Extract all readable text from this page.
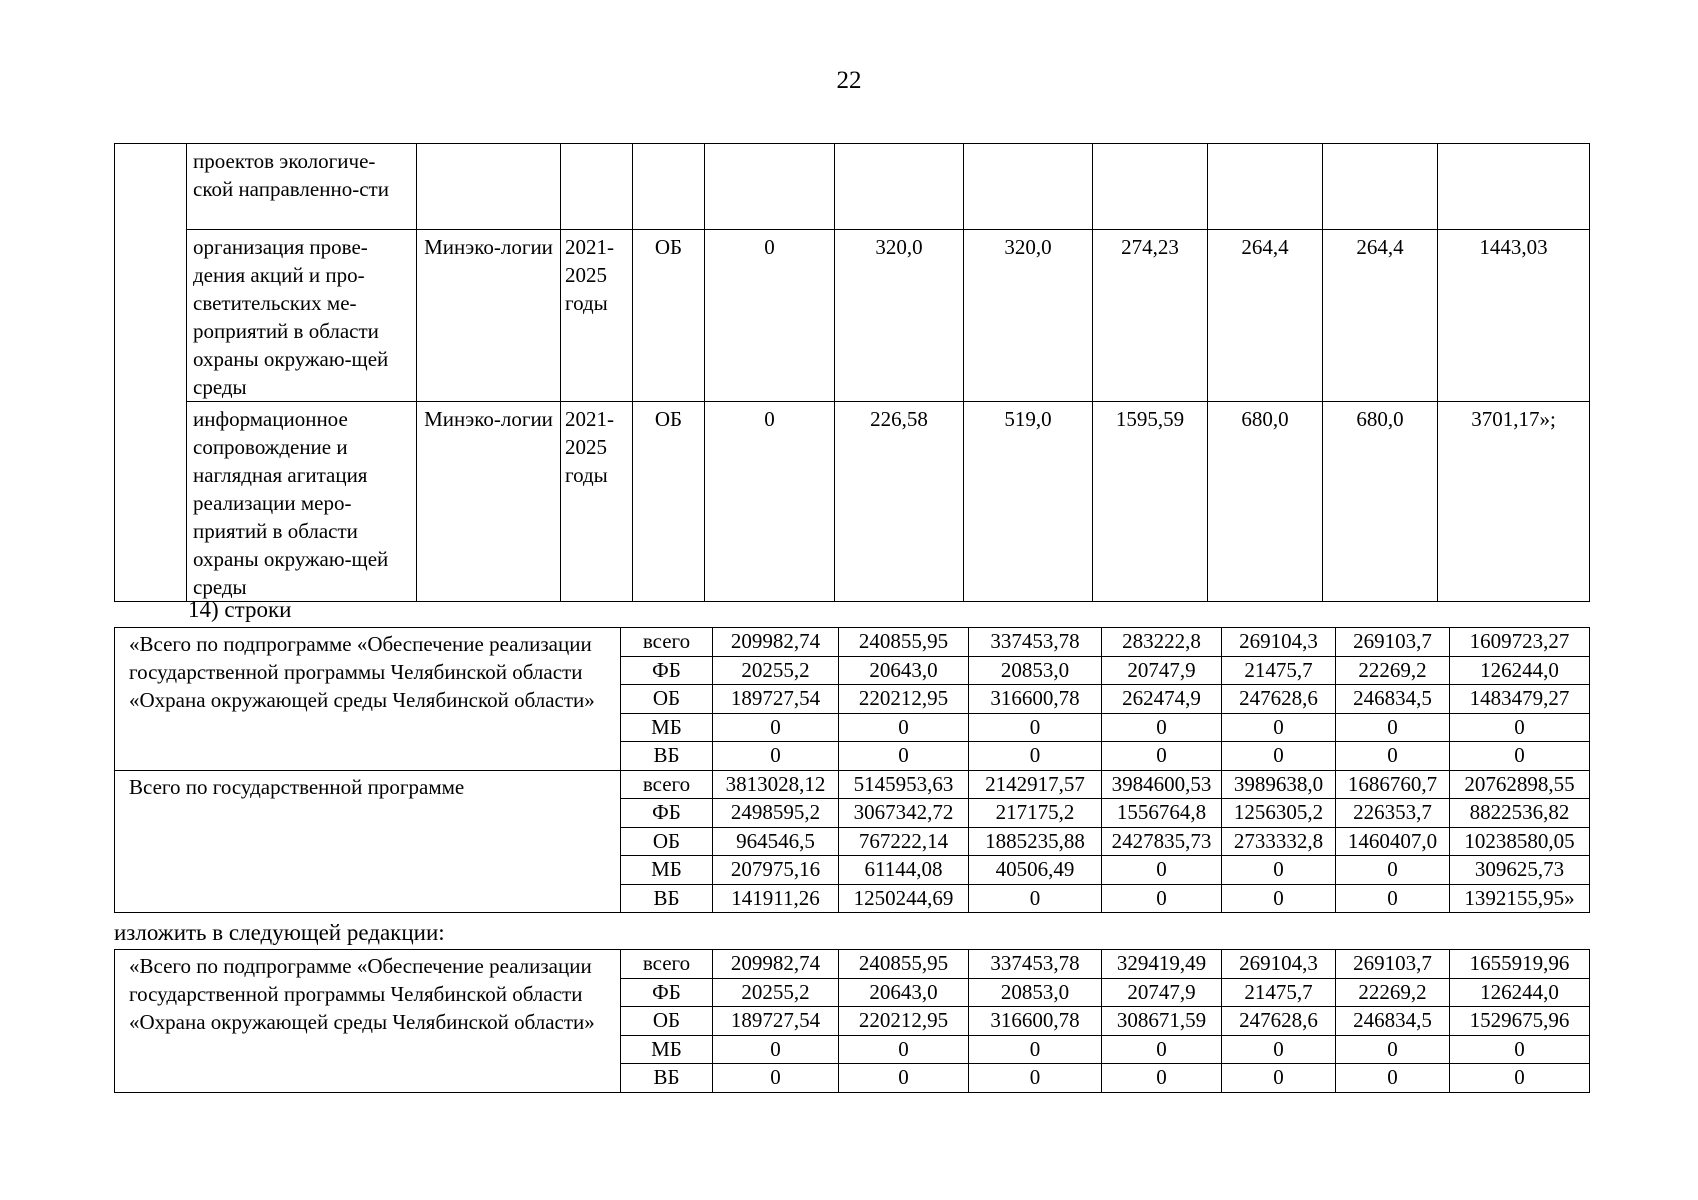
22
	проектов экологиче-ской направленно-сти										
	организация прове-дения акций и про-светительских ме-роприятий в области охраны окружаю-щей среды	Минэко-логии	2021-2025 годы	ОБ	0	320,0	320,0	274,23	264,4	264,4	1443,03
	информационное сопровождение и наглядная агитация реализации меро-приятий в области охраны окружаю-щей среды	Минэко-логии	2021-2025 годы	ОБ	0	226,58	519,0	1595,59	680,0	680,0	3701,17»;
14) строки
«Всего по подпрограмме «Обеспечение реализации государственной программы Челябинской области «Охрана окружающей среды Челябинской области»	всего	209982,74	240855,95	337453,78	283222,8	269104,3	269103,7	1609723,27
	ФБ	20255,2	20643,0	20853,0	20747,9	21475,7	22269,2	126244,0
	ОБ	189727,54	220212,95	316600,78	262474,9	247628,6	246834,5	1483479,27
	МБ	0	0	0	0	0	0	0
	ВБ	0	0	0	0	0	0	0
Всего по государственной программе	всего	3813028,12	5145953,63	2142917,57	3984600,53	3989638,0	1686760,7	20762898,55
	ФБ	2498595,2	3067342,72	217175,2	1556764,8	1256305,2	226353,7	8822536,82
	ОБ	964546,5	767222,14	1885235,88	2427835,73	2733332,8	1460407,0	10238580,05
	МБ	207975,16	61144,08	40506,49	0	0	0	309625,73
	ВБ	141911,26	1250244,69	0	0	0	0	1392155,95»
изложить в следующей редакции:
«Всего по подпрограмме «Обеспечение реализации государственной программы Челябинской области «Охрана окружающей среды Челябинской области»	всего	209982,74	240855,95	337453,78	329419,49	269104,3	269103,7	1655919,96
	ФБ	20255,2	20643,0	20853,0	20747,9	21475,7	22269,2	126244,0
	ОБ	189727,54	220212,95	316600,78	308671,59	247628,6	246834,5	1529675,96
	МБ	0	0	0	0	0	0	0
	ВБ	0	0	0	0	0	0	0
